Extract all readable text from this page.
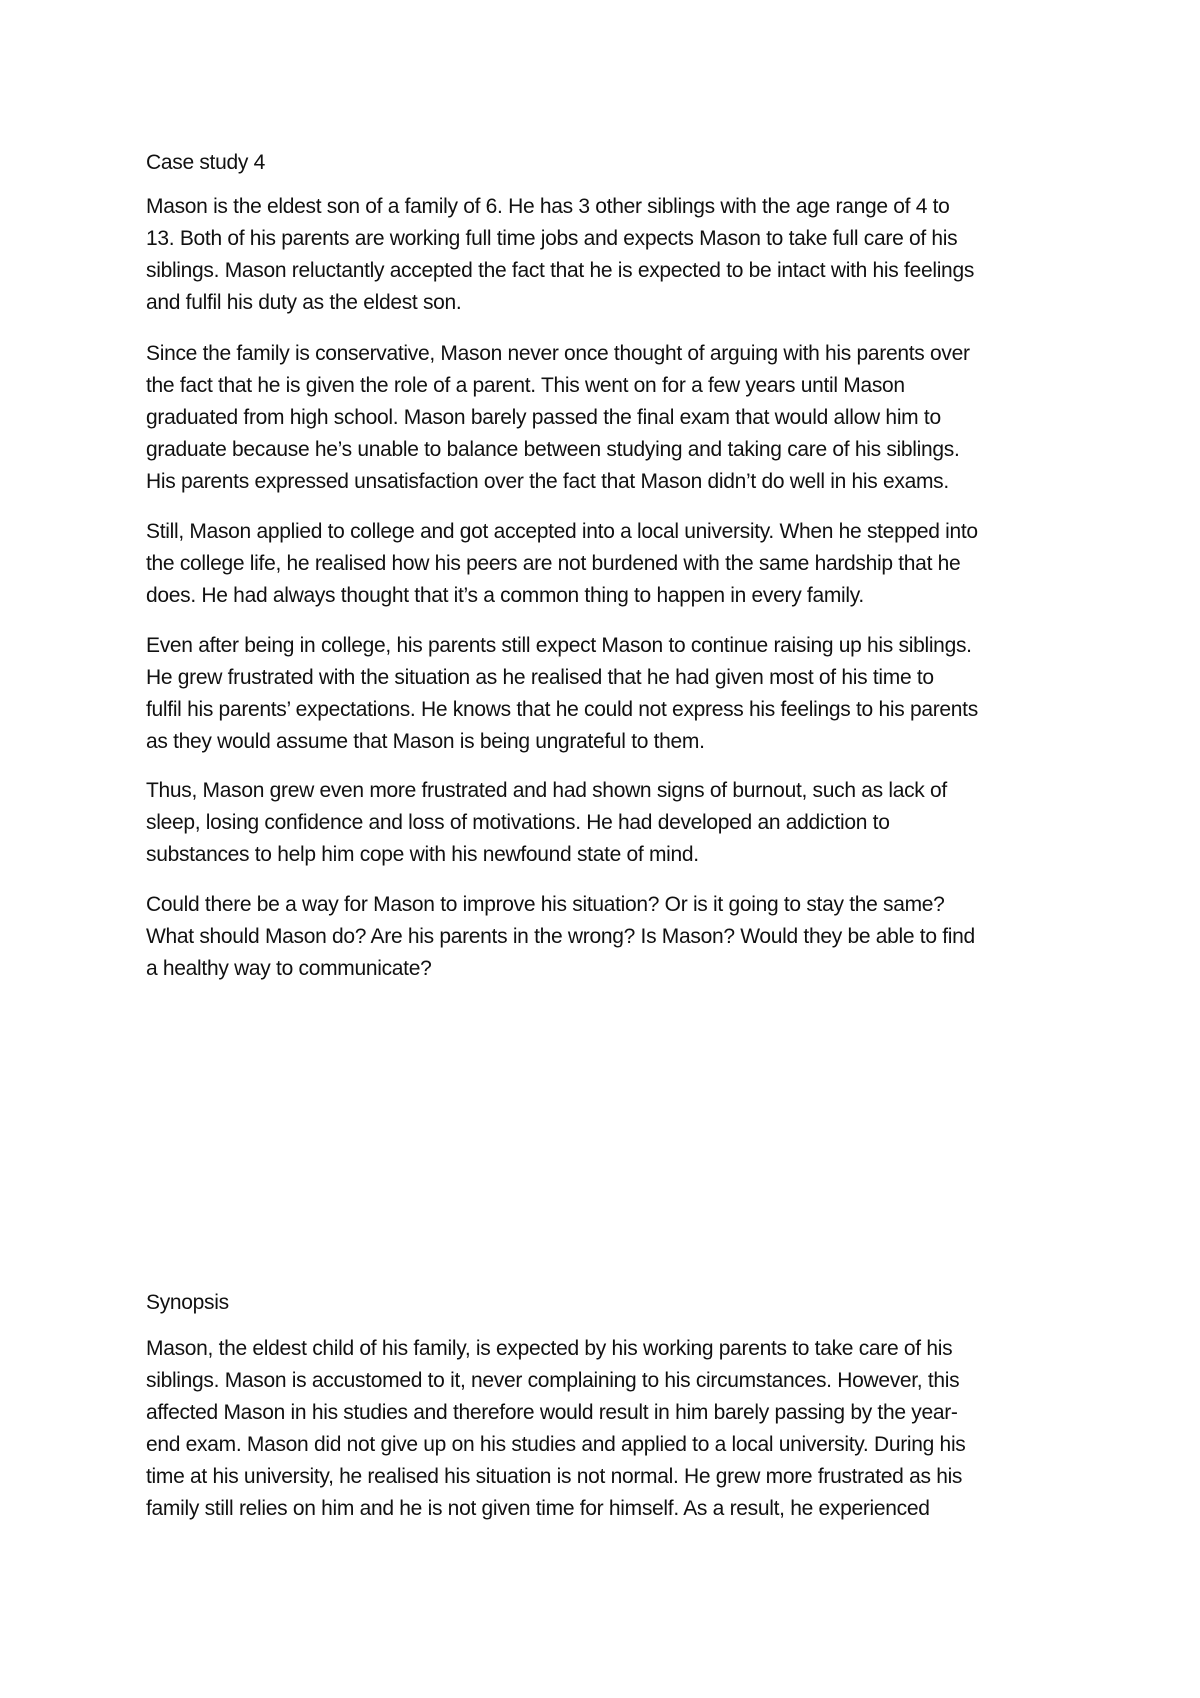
Case study 4
Mason is the eldest son of a family of 6. He has 3 other siblings with the age range of 4 to
13. Both of his parents are working full time jobs and expects Mason to take full care of his
siblings. Mason reluctantly accepted the fact that he is expected to be intact with his feelings
and fulfil his duty as the eldest son.
Since the family is conservative, Mason never once thought of arguing with his parents over
the fact that he is given the role of a parent. This went on for a few years until Mason
graduated from high school. Mason barely passed the final exam that would allow him to
graduate because he’s unable to balance between studying and taking care of his siblings.
His parents expressed unsatisfaction over the fact that Mason didn’t do well in his exams.
Still, Mason applied to college and got accepted into a local university. When he stepped into
the college life, he realised how his peers are not burdened with the same hardship that he
does. He had always thought that it’s a common thing to happen in every family.
Even after being in college, his parents still expect Mason to continue raising up his siblings.
He grew frustrated with the situation as he realised that he had given most of his time to
fulfil his parents’ expectations. He knows that he could not express his feelings to his parents
as they would assume that Mason is being ungrateful to them.
Thus, Mason grew even more frustrated and had shown signs of burnout, such as lack of
sleep, losing confidence and loss of motivations. He had developed an addiction to
substances to help him cope with his newfound state of mind.
Could there be a way for Mason to improve his situation? Or is it going to stay the same?
What should Mason do? Are his parents in the wrong? Is Mason? Would they be able to find
a healthy way to communicate?
Synopsis
Mason, the eldest child of his family, is expected by his working parents to take care of his
siblings. Mason is accustomed to it, never complaining to his circumstances. However, this
affected Mason in his studies and therefore would result in him barely passing by the year-
end exam. Mason did not give up on his studies and applied to a local university. During his
time at his university, he realised his situation is not normal. He grew more frustrated as his
family still relies on him and he is not given time for himself. As a result, he experienced
